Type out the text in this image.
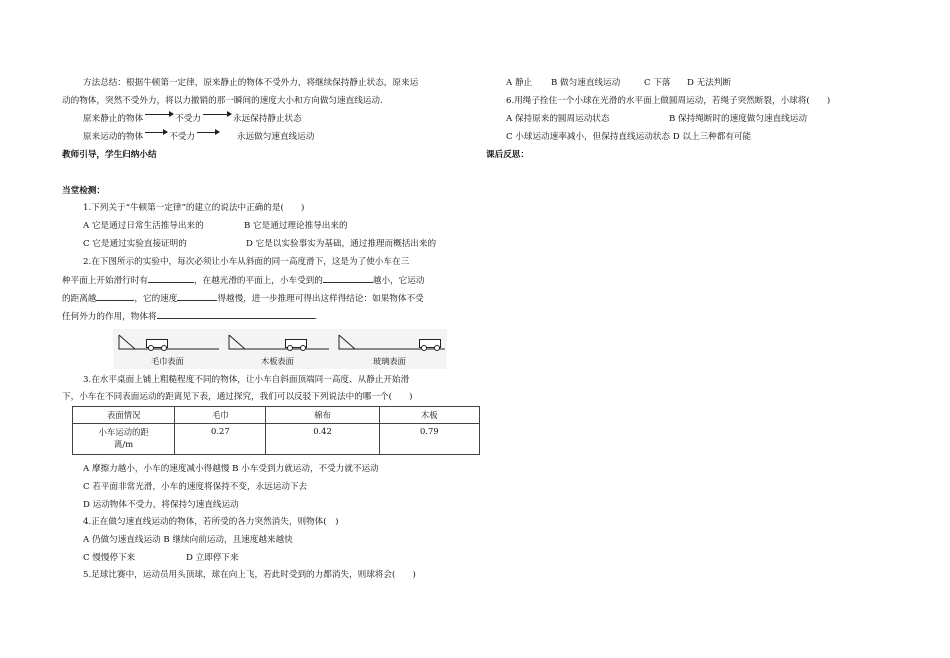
方法总结：根据牛顿第一定律，原来静止的物体不受外力，将继续保持静止状态，原来运
动的物体，突然不受外力，将以力撤销的那一瞬间的速度大小和方向做匀速直线运动.
原来静止的物体	不受力	永远保持静止状态
原来运动的物体	不受力	永远做匀速直线运动
教师引导，学生归纳小结
当堂检测：
1.下列关于“牛顿第一定律”的建立的说法中正确的是(　　)
A 它是通过日常生活推导出来的	B 它是通过理论推导出来的
C 它是通过实验直接证明的	D 它是以实验事实为基础，通过推理而概括出来的
2.在下图所示的实验中，每次必须让小车从斜面的同一高度滑下，这是为了使小车在三
种平面上开始滑行时有	，在越光滑的平面上，小车受到的	越小，它运动
的距离越	，它的速度	得越慢，进一步推理可得出这样得结论：如果物体不受
任何外力的作用，物体将	.
毛巾表面	木板表面	玻璃表面
3.在水平桌面上铺上粗糙程度不同的物体，让小车自斜面顶端同一高度、从静止开始滑
下，小车在不同表面运动的距离见下表，通过探究，我们可以反驳下列说法中的哪一个(　　)
表面情况	毛巾	棉布	木板

小车运动的距
离/m	0.27	0.42	0.79
A 摩擦力越小，小车的速度减小得越慢 B 小车受到力就运动，不受力就不运动
C 若平面非常光滑，小车的速度将保持不变，永远运动下去
D 运动物体不受力，将保持匀速直线运动
4.正在做匀速直线运动的物体，若所受的各力突然消失，则物体(　)
A 仍做匀速直线运动 B 继续向前运动，且速度越来越快
C 慢慢停下来	D 立即停下来
5.足球比赛中，运动员用头顶球，球在向上飞，若此时受到的力都消失，则球将会(　　)
A 静止 B 做匀速直线运动	C 下落 D 无法判断
6.用绳子拴住一个小球在光滑的水平面上做圆周运动，若绳子突然断裂，小球将(　　)
A 保持原来的圆周运动状态	B 保持绳断时的速度做匀速直线运动
C 小球运动速率减小，但保持直线运动状态 D 以上三种都有可能
课后反思：
